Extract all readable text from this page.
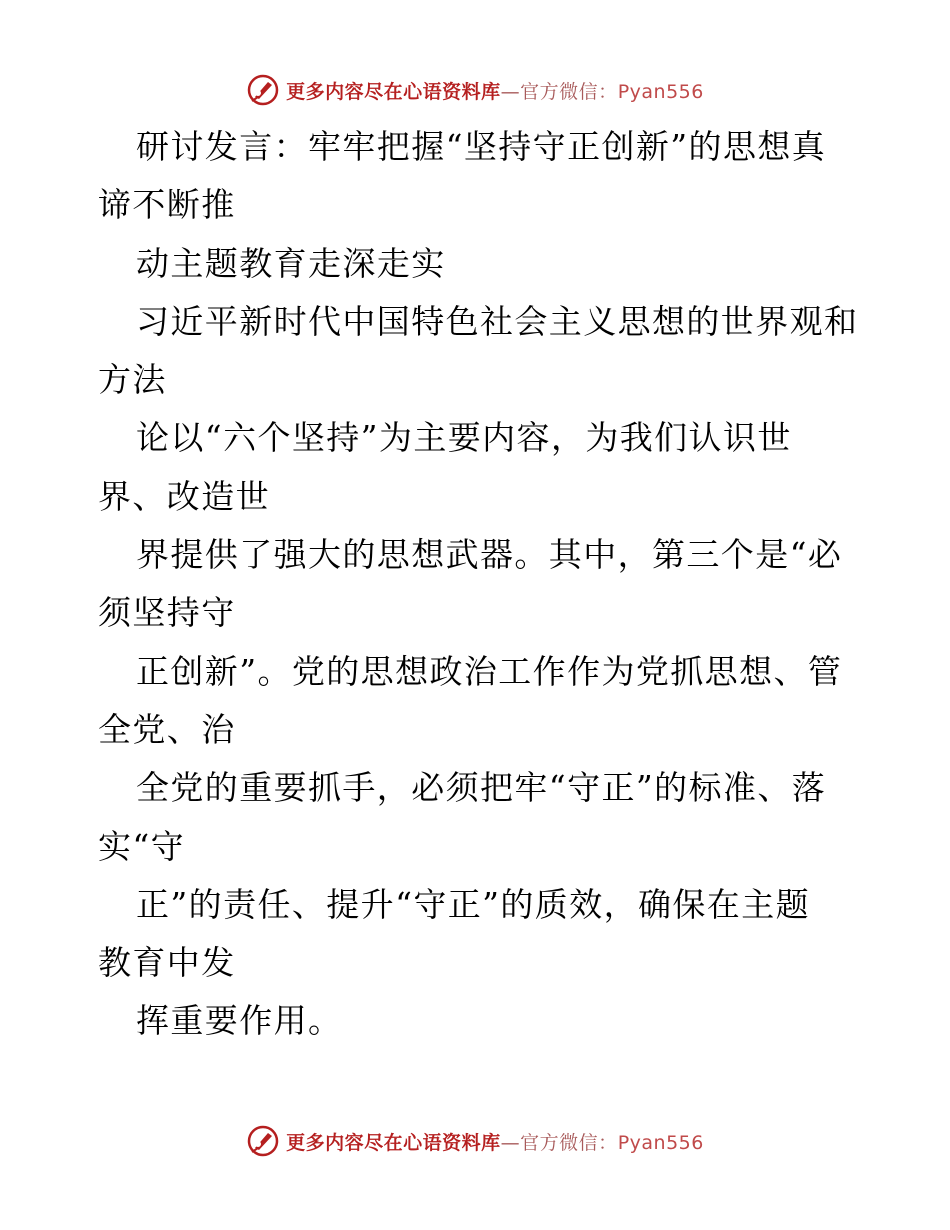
更多内容尽在心语资料库—官方微信：Pyan556
研讨发言：牢牢把握“坚持守正创新”的思想真
谛不断推
动主题教育走深走实
习近平新时代中国特色社会主义思想的世界观和
方法
论以“六个坚持”为主要内容，为我们认识世
界、改造世
界提供了强大的思想武器。其中，第三个是“必
须坚持守
正创新”。党的思想政治工作作为党抓思想、管
全党、治
全党的重要抓手，必须把牢“守正”的标准、落
实“守
正”的责任、提升“守正”的质效，确保在主题
教育中发
挥重要作用。
更多内容尽在心语资料库—官方微信：Pyan556
